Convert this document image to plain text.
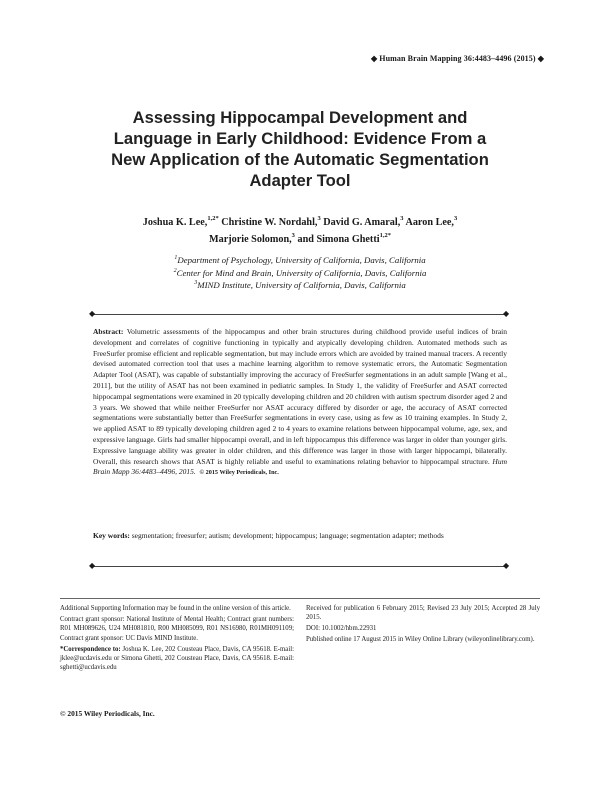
◆ Human Brain Mapping 36:4483–4496 (2015) ◆
Assessing Hippocampal Development and
Language in Early Childhood: Evidence From a
New Application of the Automatic Segmentation
Adapter Tool
Joshua K. Lee,$^{1,2*}$ Christine W. Nordahl,$^3$ David G. Amaral,$^3$ Aaron Lee,$^3$
Marjorie Solomon,$^3$ and Simona Ghetti$^{1,2*}$
$^1$Department of Psychology, University of California, Davis, California
$^2$Center for Mind and Brain, University of California, Davis, California
$^3$MIND Institute, University of California, Davis, California
◆	◆
Abstract: Volumetric assessments of the hippocampus and other brain structures during childhood provide useful indices of brain development and correlates of cognitive functioning in typically and atypically developing children. Automated methods such as FreeSurfer promise efficient and replicable segmentation, but may include errors which are avoided by trained manual tracers. A recently devised automated correction tool that uses a machine learning algorithm to remove systematic errors, the Automatic Segmentation Adapter Tool (ASAT), was capable of substantially improving the accuracy of FreeSurfer segmentations in an adult sample [Wang et al., 2011], but the utility of ASAT has not been examined in pediatric samples. In Study 1, the validity of FreeSurfer and ASAT corrected hippocampal segmentations were examined in 20 typically developing children and 20 children with autism spectrum disorder aged 2 and 3 years. We showed that while neither FreeSurfer nor ASAT accuracy differed by disorder or age, the accuracy of ASAT corrected segmentations were substantially better than FreeSurfer segmentations in every case, using as few as 10 training examples. In Study 2, we applied ASAT to 89 typically developing children aged 2 to 4 years to examine relations between hippocampal volume, age, sex, and expressive language. Girls had smaller hippocampi overall, and in left hippocampus this difference was larger in older than younger girls. Expressive language ability was greater in older children, and this difference was larger in those with larger hippocampi, bilaterally. Overall, this research shows that ASAT is highly reliable and useful to examinations relating behavior to hippocampal structure. Hum Brain Mapp 36:4483–4496, 2015. © 2015 Wiley Periodicals, Inc.
Key words: segmentation; freesurfer; autism; development; hippocampus; language; segmentation adapter; methods
◆	◆

Additional Supporting Information may be found in the online version of this article.

Contract grant sponsor: National Institute of Mental Health; Contract grant numbers: R01 MH089626, U24 MH081810, R00 MH085099, R01 NS16980, R01MH091109; Contract grant sponsor: UC Davis MIND Institute.

*Correspondence to: Joshua K. Lee, 202 Cousteau Place, Davis, CA 95618. E-mail: jklee@ucdavis.edu or Simona Ghetti, 202 Cousteau Place, Davis, CA 95618. E-mail: sghetti@ucdavis.edu

Received for publication 6 February 2015; Revised 23 July 2015; Accepted 28 July 2015.

DOI: 10.1002/hbm.22931

Published online 17 August 2015 in Wiley Online Library (wileyonlinelibrary.com).

© 2015 Wiley Periodicals, Inc.
